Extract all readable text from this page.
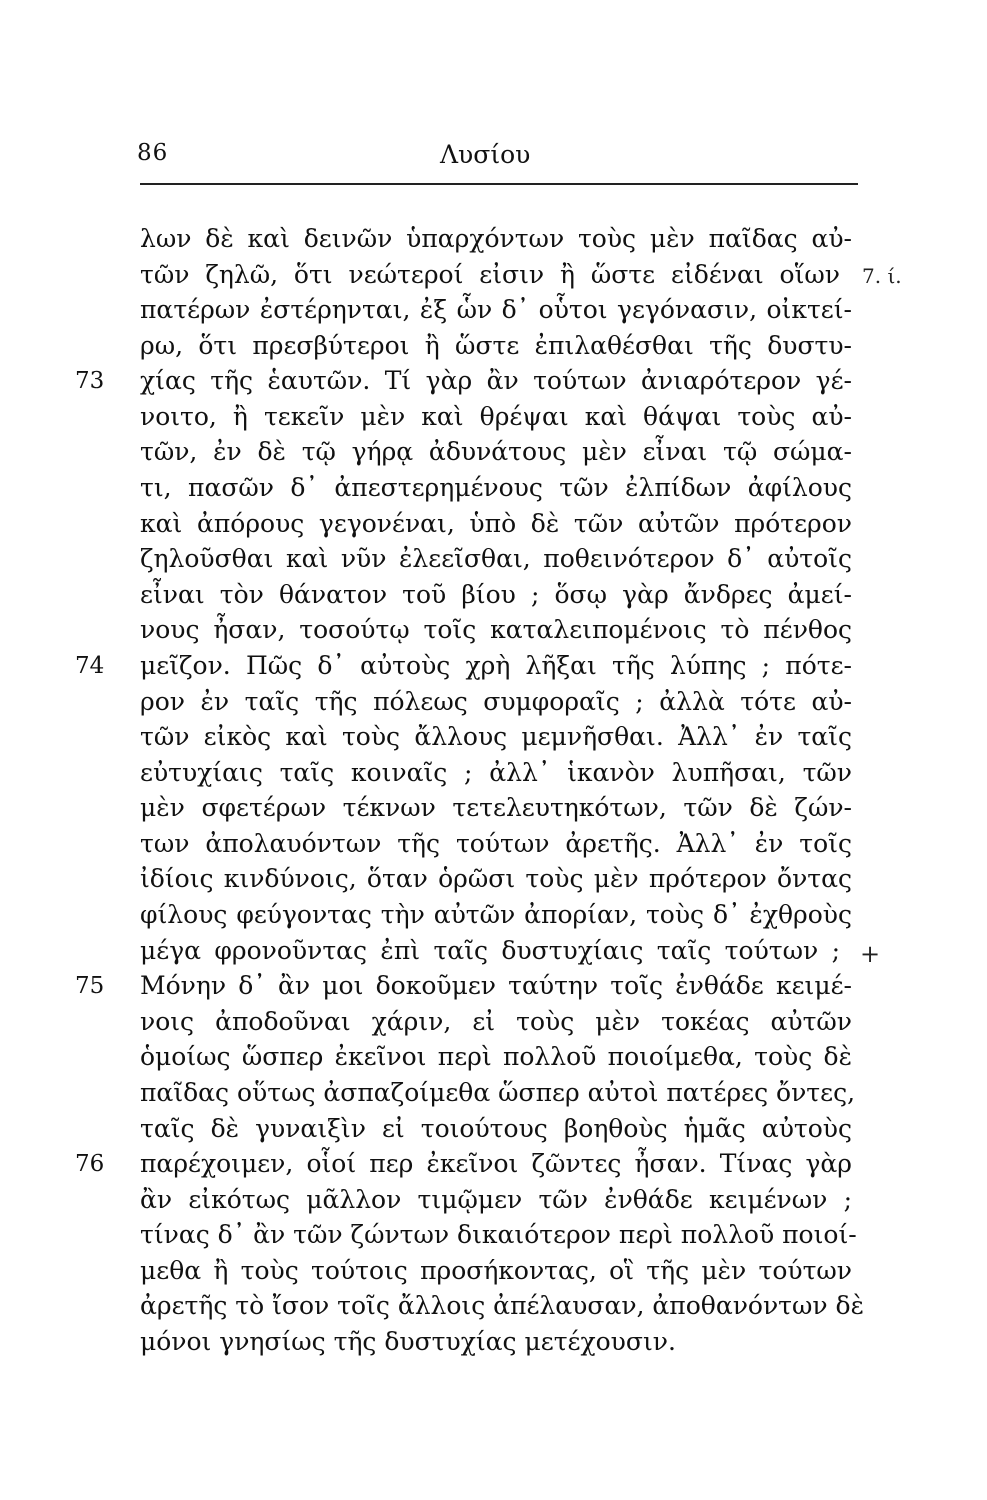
86	Λυσίου
73
74
75
76
7. ί.
+
λων δὲ καὶ δεινῶν ὑπαρχόντων τοὺς μὲν παῖδας αὐ-
τῶν ζηλῶ, ὅτι νεώτεροί εἰσιν ἢ ὥστε εἰδέναι οἵων
πατέρων ἐστέρηνται, ἐξ ὧν δ᾽ οὗτοι γεγόνασιν, οἰκτεί-
ρω, ὅτι πρεσβύτεροι ἢ ὥστε ἐπιλαθέσθαι τῆς δυστυ-
χίας τῆς ἑαυτῶν. Τί γὰρ ἂν τούτων ἀνιαρότερον γέ-
νοιτο, ἢ τεκεῖν μὲν καὶ θρέψαι καὶ θάψαι τοὺς αὐ-
τῶν, ἐν δὲ τῷ γήρᾳ ἀδυνάτους μὲν εἶναι τῷ σώμα-
τι, πασῶν δ᾽ ἀπεστερημένους τῶν ἐλπίδων ἀφίλους
καὶ ἀπόρους γεγονέναι, ὑπὸ δὲ τῶν αὐτῶν πρότερον
ζηλοῦσθαι καὶ νῦν ἐλεεῖσθαι, ποθεινότερον δ᾽ αὐτοῖς
εἶναι τὸν θάνατον τοῦ βίου ; ὅσῳ γὰρ ἄνδρες ἀμεί-
νους ἦσαν, τοσούτῳ τοῖς καταλειπομένοις τὸ πένθος
μεῖζον. Πῶς δ᾽ αὐτοὺς χρὴ λῆξαι τῆς λύπης ; πότε-
ρον ἐν ταῖς τῆς πόλεως συμφοραῖς ; ἀλλὰ τότε αὐ-
τῶν εἰκὸς καὶ τοὺς ἄλλους μεμνῆσθαι. Ἀλλ᾽ ἐν ταῖς
εὐτυχίαις ταῖς κοιναῖς ; ἀλλ᾽ ἱκανὸν λυπῆσαι, τῶν
μὲν σφετέρων τέκνων τετελευτηκότων, τῶν δὲ ζών-
των ἀπολαυόντων τῆς τούτων ἀρετῆς. Ἀλλ᾽ ἐν τοῖς
ἰδίοις κινδύνοις, ὅταν ὁρῶσι τοὺς μὲν πρότερον ὄντας
φίλους φεύγοντας τὴν αὐτῶν ἀπορίαν, τοὺς δ᾽ ἐχθροὺς
μέγα φρονοῦντας ἐπὶ ταῖς δυστυχίαις ταῖς τούτων ;
Μόνην δ᾽ ἂν μοι δοκοῦμεν ταύτην τοῖς ἐνθάδε κειμέ-
νοις ἀποδοῦναι χάριν, εἰ τοὺς μὲν τοκέας αὐτῶν
ὁμοίως ὥσπερ ἐκεῖνοι περὶ πολλοῦ ποιοίμεθα, τοὺς δὲ
παῖδας οὕτως ἀσπαζοίμεθα ὥσπερ αὐτοὶ πατέρες ὄντες,
ταῖς δὲ γυναιξὶν εἰ τοιούτους βοηθοὺς ἡμᾶς αὐτοὺς
παρέχοιμεν, οἷοί περ ἐκεῖνοι ζῶντες ἦσαν. Τίνας γὰρ
ἂν εἰκότως μᾶλλον τιμῷμεν τῶν ἐνθάδε κειμένων ;
τίνας δ᾽ ἂν τῶν ζώντων δικαιότερον περὶ πολλοῦ ποιοί-
μεθα ἢ τοὺς τούτοις προσήκοντας, οἳ τῆς μὲν τούτων
ἀρετῆς τὸ ἴσον τοῖς ἄλλοις ἀπέλαυσαν, ἀποθανόντων δὲ
μόνοι γνησίως τῆς δυστυχίας μετέχουσιν.
